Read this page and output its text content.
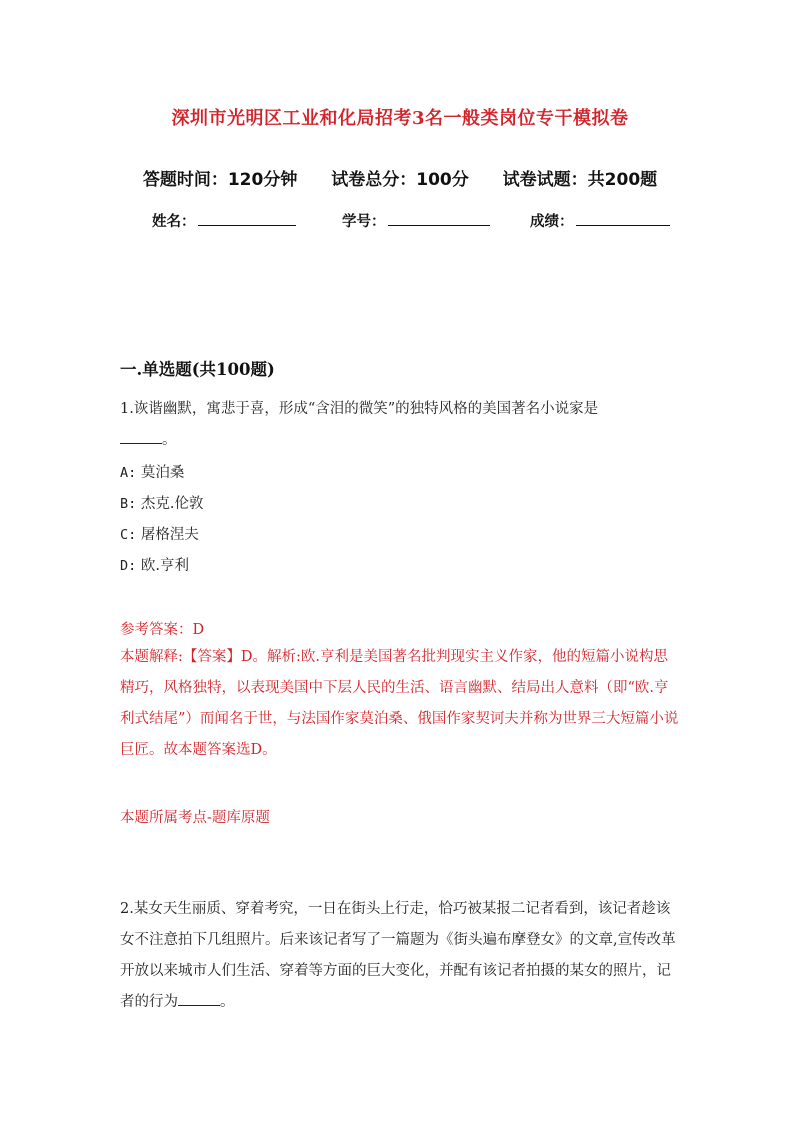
深圳市光明区工业和化局招考3名一般类岗位专干模拟卷
答题时间：120分钟 试卷总分：100分 试卷试题：共200题
姓名：	学号：	成绩：
一.单选题(共100题)
1.诙谐幽默，寓悲于喜，形成“含泪的微笑”的独特风格的美国著名小说家是
。
A: 莫泊桑
B: 杰克.伦敦
C: 屠格涅夫
D: 欧.亨利
参考答案：D
本题解释:【答案】D。解析:欧.亨利是美国著名批判现实主义作家，他的短篇小说构思精巧，风格独特，以表现美国中下层人民的生活、语言幽默、结局出人意料（即“欧.亨利式结尾”）而闻名于世，与法国作家莫泊桑、俄国作家契诃夫并称为世界三大短篇小说巨匠。故本题答案选D。
本题所属考点-题库原题
2.某女天生丽质、穿着考究，一日在街头上行走，恰巧被某报二记者看到，该记者趁该女不注意拍下几组照片。后来该记者写了一篇题为《街头遍布摩登女》的文章,宣传改革开放以来城市人们生活、穿着等方面的巨大变化，并配有该记者拍摄的某女的照片，记者的行为	。
